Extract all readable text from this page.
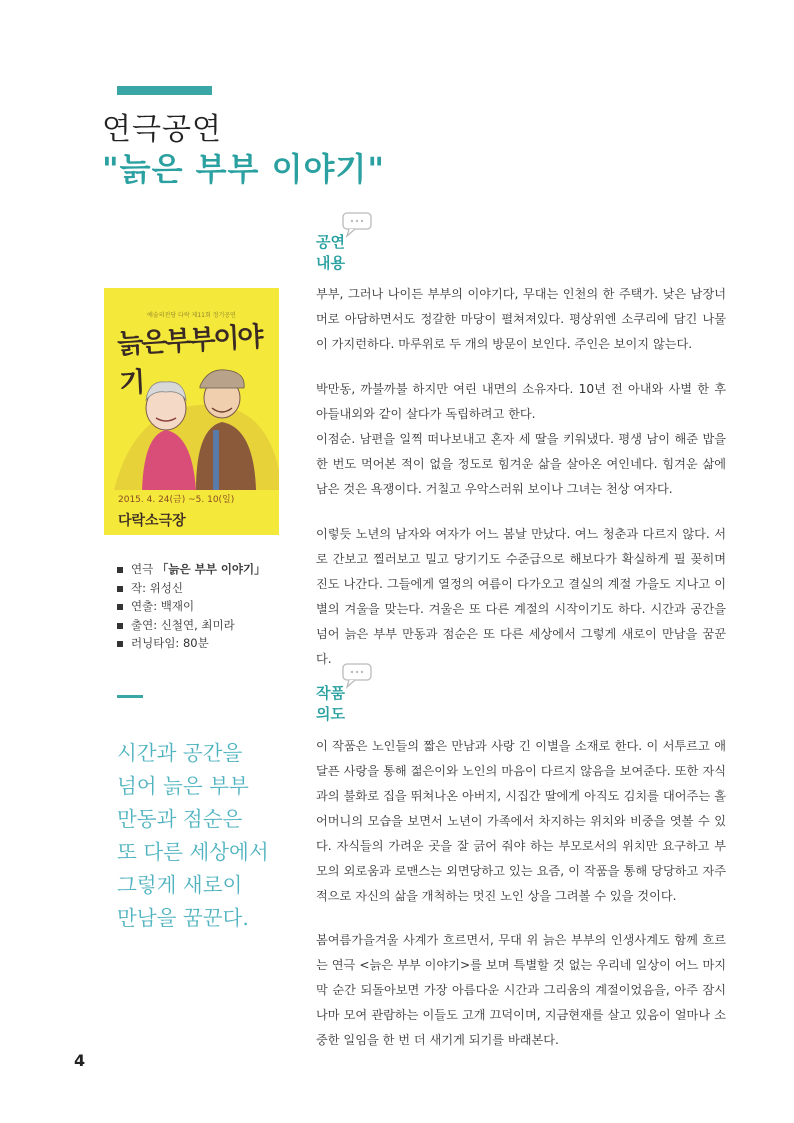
연극공연
"늙은 부부 이야기"
공연
내용

부부, 그러나 나이든 부부의 이야기다, 무대는 인천의 한 주택가. 낮은 남장너머로 아담하면서도 정갈한 마당이 펼쳐져있다. 평상위엔 소쿠리에 담긴 나물이 가지런하다. 마루위로 두 개의 방문이 보인다. 주인은 보이지 않는다.

박만동, 까불까불 하지만 여린 내면의 소유자다. 10년 전 아내와 사별 한 후 아들내외와 같이 살다가 독립하려고 한다.

이점순. 남편을 일찍 떠나보내고 혼자 세 딸을 키워냈다. 평생 남이 해준 밥을 한 번도 먹어본 적이 없을 정도로 힘겨운 삶을 살아온 여인네다. 힘겨운 삶에 남은 것은 욕쟁이다. 거칠고 우악스러워 보이나 그녀는 천상 여자다.

이렇듯 노년의 남자와 여자가 어느 봄날 만났다. 여느 청춘과 다르지 않다. 서로 간보고 찔러보고 밀고 당기기도 수준급으로 해보다가 확실하게 필 꽂히며 진도 나간다. 그들에게 열정의 여름이 다가오고 결실의 계절 가을도 지나고 이별의 겨울을 맞는다. 겨울은 또 다른 계절의 시작이기도 하다. 시간과 공간을 넘어 늙은 부부 만동과 점순은 또 다른 세상에서 그렇게 새로이 만남을 꿈꾼다.

예술의전당 다락 제11회 정기공연
늙은부부이야기
2015. 4. 24(금) ~5. 10(일)
다락소극장
연극 「늙은 부부 이야기」
작: 위성신
연출: 백재이
출연: 신철연, 최미라
러닝타임: 80분
시간과 공간을
넘어 늙은 부부
만동과 점순은
또 다른 세상에서
그렇게 새로이
만남을 꿈꾼다.
작품
의도

이 작품은 노인들의 짧은 만남과 사랑 긴 이별을 소재로 한다. 이 서투르고 애달픈 사랑을 통해 젊은이와 노인의 마음이 다르지 않음을 보여준다. 또한 자식과의 불화로 집을 뛰쳐나온 아버지, 시집간 딸에게 아직도 김치를 대어주는 홀어머니의 모습을 보면서 노년이 가족에서 차지하는 위치와 비중을 엿볼 수 있다. 자식들의 가려운 곳을 잘 긁어 줘야 하는 부모로서의 위치만 요구하고 부모의 외로움과 로맨스는 외면당하고 있는 요즘, 이 작품을 통해 당당하고 자주적으로 자신의 삶을 개척하는 멋진 노인 상을 그려볼 수 있을 것이다.

봄여름가을겨울 사계가 흐르면서, 무대 위 늙은 부부의 인생사계도 함께 흐르는 연극 <늙은 부부 이야기>를 보며 특별할 것 없는 우리네 일상이 어느 마지막 순간 되돌아보면 가장 아름다운 시간과 그리움의 계절이었음을, 아주 잠시나마 모여 관람하는 이들도 고개 끄덕이며, 지금현재를 살고 있음이 얼마나 소중한 일임을 한 번 더 새기게 되기를 바래본다.

4
